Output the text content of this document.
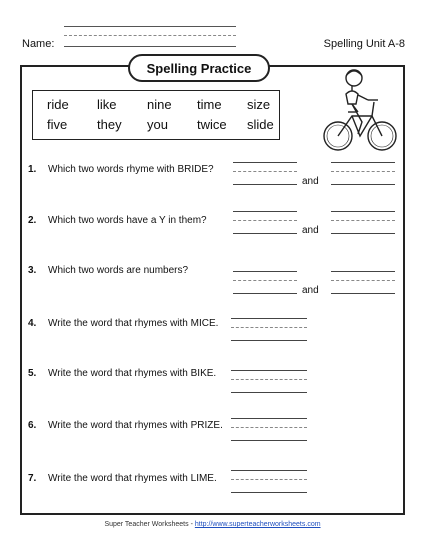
Name:	Spelling Unit A-8
Spelling Practice
ride	like	nine	time	size
five	they	you	twice	slide
1. Which two words rhyme with BRIDE?
and
2. Which two words have a Y in them?
and
3. Which two words are numbers?
and
4. Write the word that rhymes with MICE.
5. Write the word that rhymes with BIKE.
6. Write the word that rhymes with PRIZE.
7. Write the word that rhymes with LIME.
Super Teacher Worksheets - http://www.superteacherworksheets.com
